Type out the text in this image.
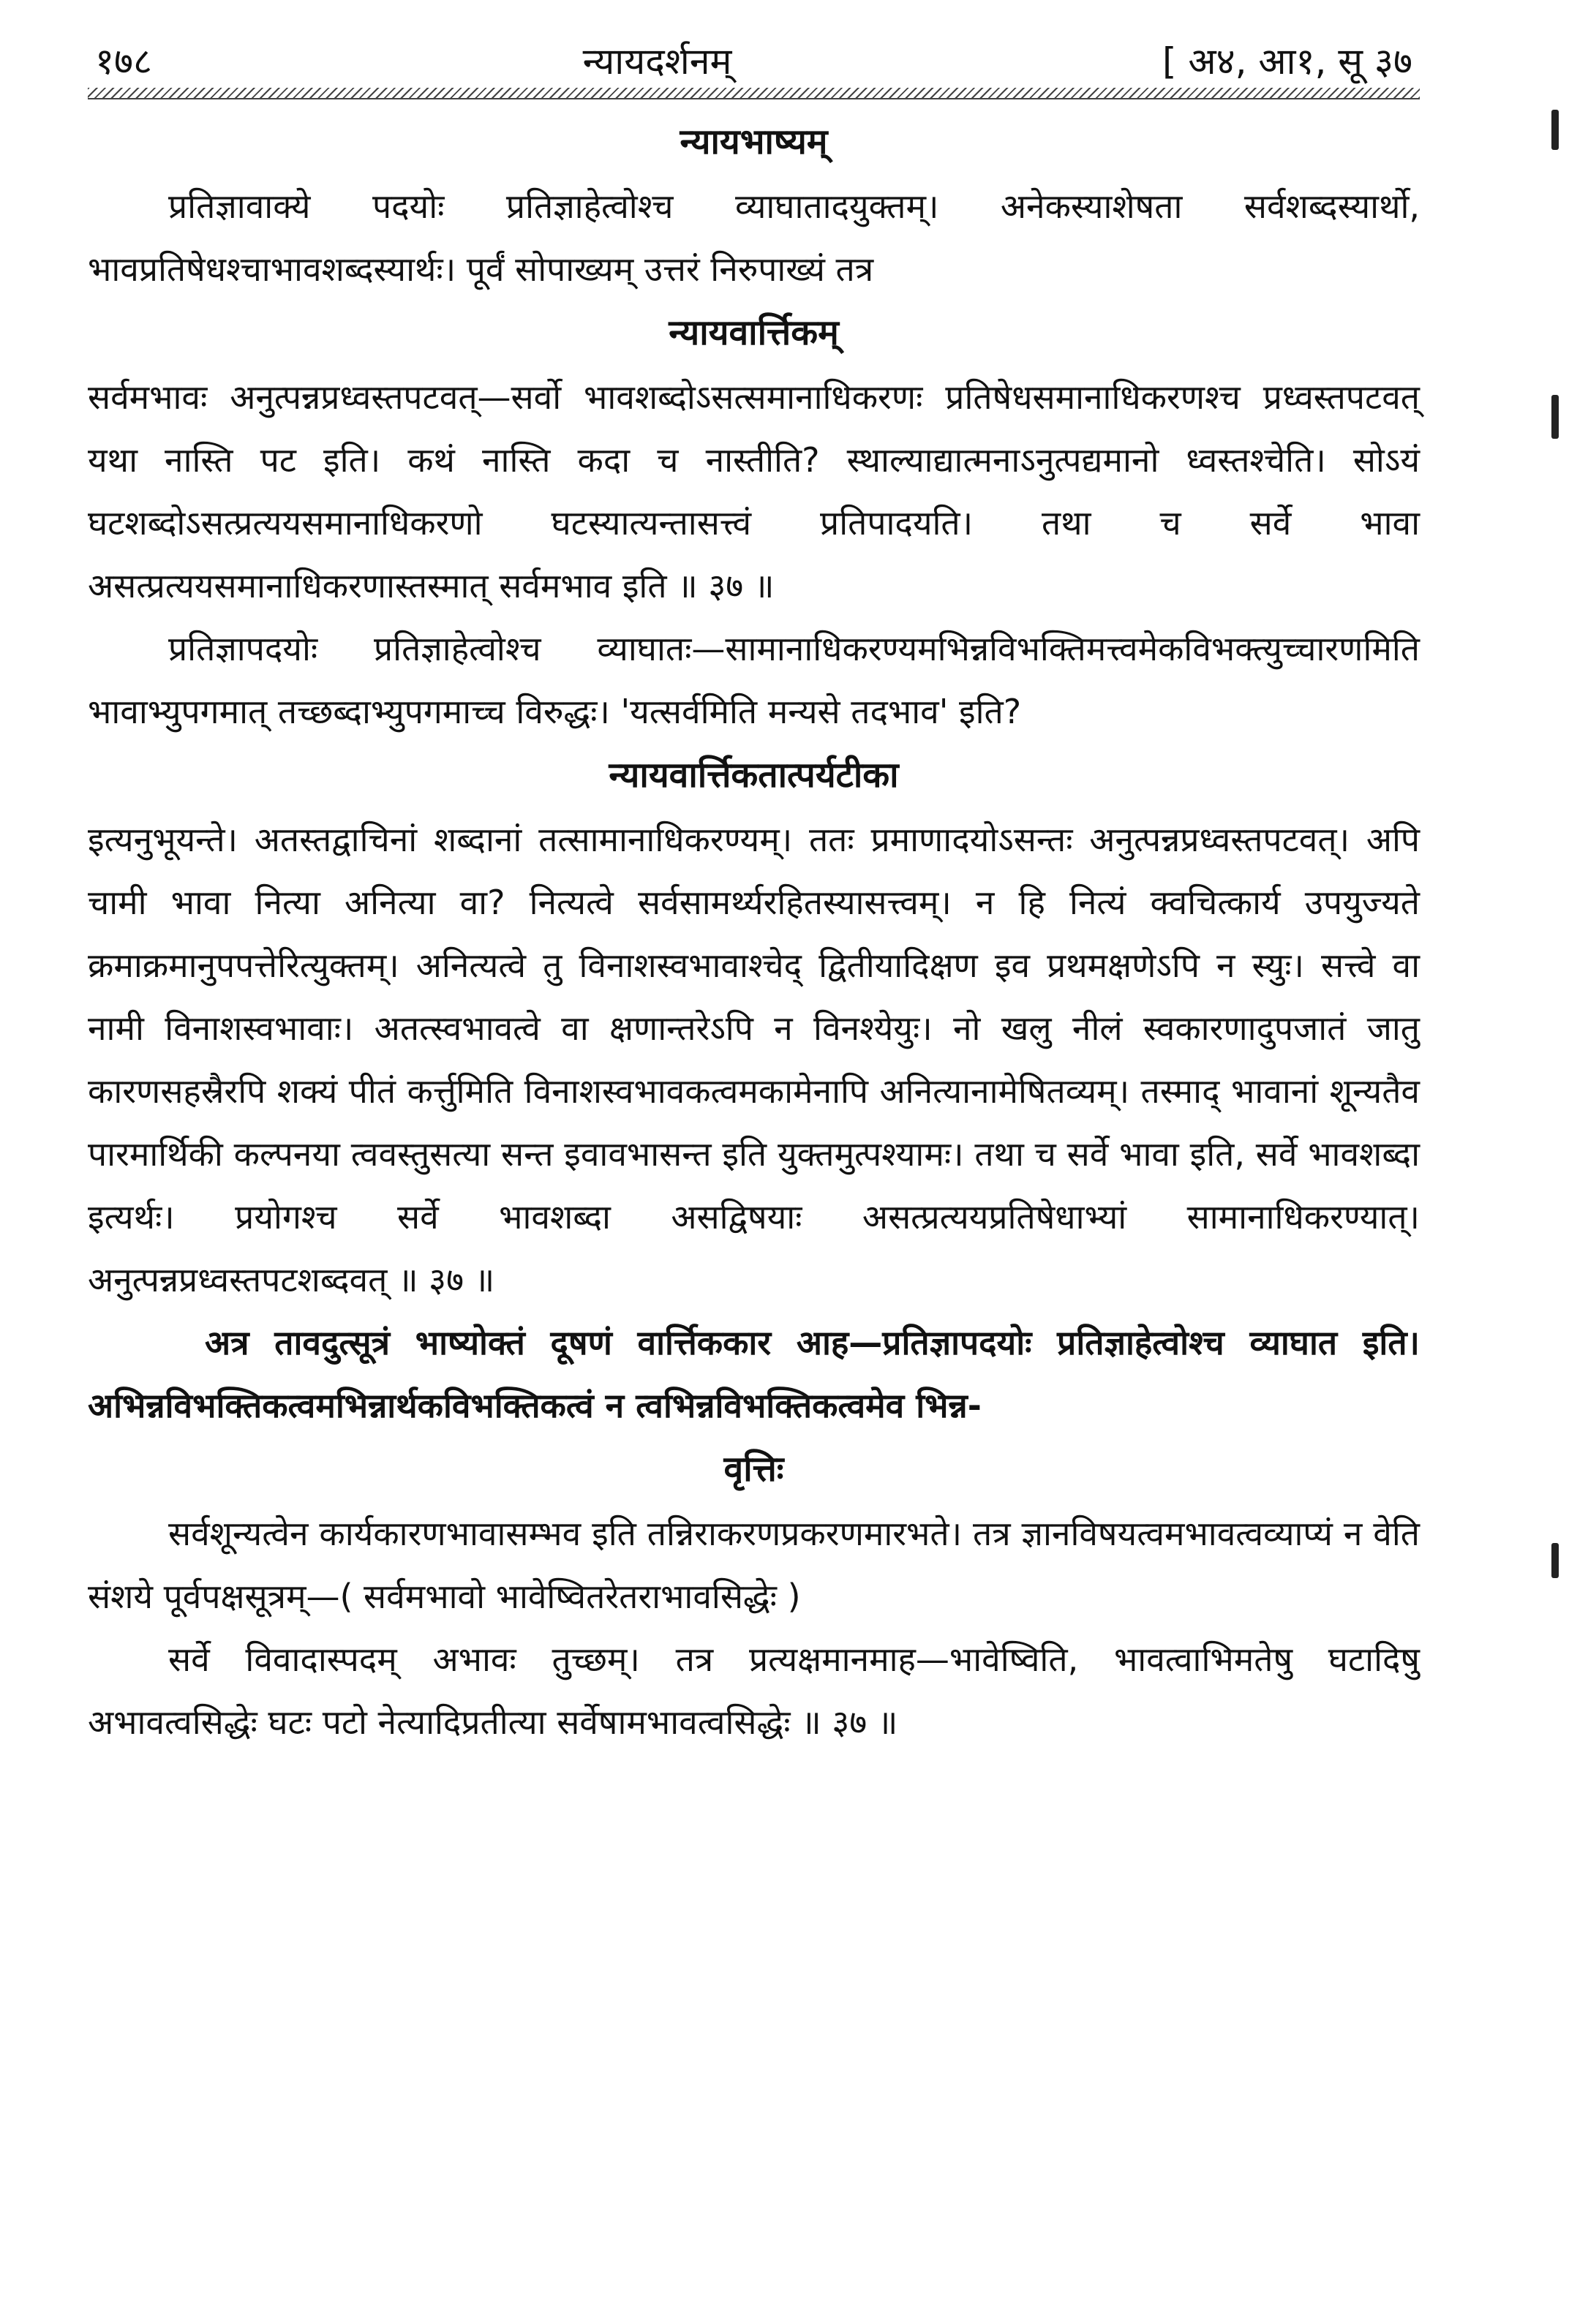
१७८	न्यायदर्शनम्	[ अ४, आ१, सू ३७
न्यायभाष्यम्

प्रतिज्ञावाक्ये पदयोः प्रतिज्ञाहेत्वोश्च व्याघातादयुक्तम्। अनेकस्याशेषता सर्वशब्दस्यार्थो, भावप्रतिषेधश्चाभावशब्दस्यार्थः। पूर्वं सोपाख्यम् उत्तरं निरुपाख्यं तत्र

न्यायवार्त्तिकम्

सर्वमभावः अनुत्पन्नप्रध्वस्तपटवत्—सर्वो भावशब्दोऽसत्समानाधिकरणः प्रतिषेधसमानाधिकरणश्च प्रध्वस्तपटवत् यथा नास्ति पट इति। कथं नास्ति कदा च नास्तीति? स्थाल्याद्यात्मनाऽनुत्पद्यमानो ध्वस्तश्चेति। सोऽयं घटशब्दोऽसत्प्रत्ययसमानाधिकरणो घटस्यात्यन्तासत्त्वं प्रतिपादयति। तथा च सर्वे भावा असत्प्रत्ययसमानाधिकरणास्तस्मात् सर्वमभाव इति ॥ ३७ ॥

प्रतिज्ञापदयोः प्रतिज्ञाहेत्वोश्च व्याघातः—सामानाधिकरण्यमभिन्नविभक्तिमत्त्वमेकविभक्त्युच्चारणमिति भावाभ्युपगमात् तच्छब्दाभ्युपगमाच्च विरुद्धः। 'यत्सर्वमिति मन्यसे तदभाव' इति?

न्यायवार्त्तिकतात्पर्यटीका

इत्यनुभूयन्ते। अतस्तद्वाचिनां शब्दानां तत्सामानाधिकरण्यम्। ततः प्रमाणादयोऽसन्तः अनुत्पन्नप्रध्वस्तपटवत्। अपि चामी भावा नित्या अनित्या वा? नित्यत्वे सर्वसामर्थ्यरहितस्यासत्त्वम्। न हि नित्यं क्वचित्कार्य उपयुज्यते क्रमाक्रमानुपपत्तेरित्युक्तम्। अनित्यत्वे तु विनाशस्वभावाश्चेद् द्वितीयादिक्षण इव प्रथमक्षणेऽपि न स्युः। सत्त्वे वा नामी विनाशस्वभावाः। अतत्स्वभावत्वे वा क्षणान्तरेऽपि न विनश्येयुः। नो खलु नीलं स्वकारणादुपजातं जातु कारणसहस्रैरपि शक्यं पीतं कर्त्तुमिति विनाशस्वभावकत्वमकामेनापि अनित्यानामेषितव्यम्। तस्माद् भावानां शून्यतैव पारमार्थिकी कल्पनया त्ववस्तुसत्या सन्त इवावभासन्त इति युक्तमुत्पश्यामः। तथा च सर्वे भावा इति, सर्वे भावशब्दा इत्यर्थः। प्रयोगश्च सर्वे भावशब्दा असद्विषयाः असत्प्रत्ययप्रतिषेधाभ्यां सामानाधिकरण्यात्। अनुत्पन्नप्रध्वस्तपटशब्दवत् ॥ ३७ ॥

अत्र तावदुत्सूत्रं भाष्योक्तं दूषणं वार्त्तिककार आह—प्रतिज्ञापदयोः प्रतिज्ञाहेत्वोश्च व्याघात इति। अभिन्नविभक्तिकत्वमभिन्नार्थकविभक्तिकत्वं न त्वभिन्नविभक्तिकत्वमेव भिन्न-

वृत्तिः

सर्वशून्यत्वेन कार्यकारणभावासम्भव इति तन्निराकरणप्रकरणमारभते। तत्र ज्ञानविषयत्वमभावत्वव्याप्यं न वेति संशये पूर्वपक्षसूत्रम्—( सर्वमभावो भावेष्वितरेतराभावसिद्धेः )

सर्वे विवादास्पदम् अभावः तुच्छम्। तत्र प्रत्यक्षमानमाह—भावेष्विति, भावत्वाभिमतेषु घटादिषु अभावत्वसिद्धेः घटः पटो नेत्यादिप्रतीत्या सर्वेषामभावत्वसिद्धेः ॥ ३७ ॥
